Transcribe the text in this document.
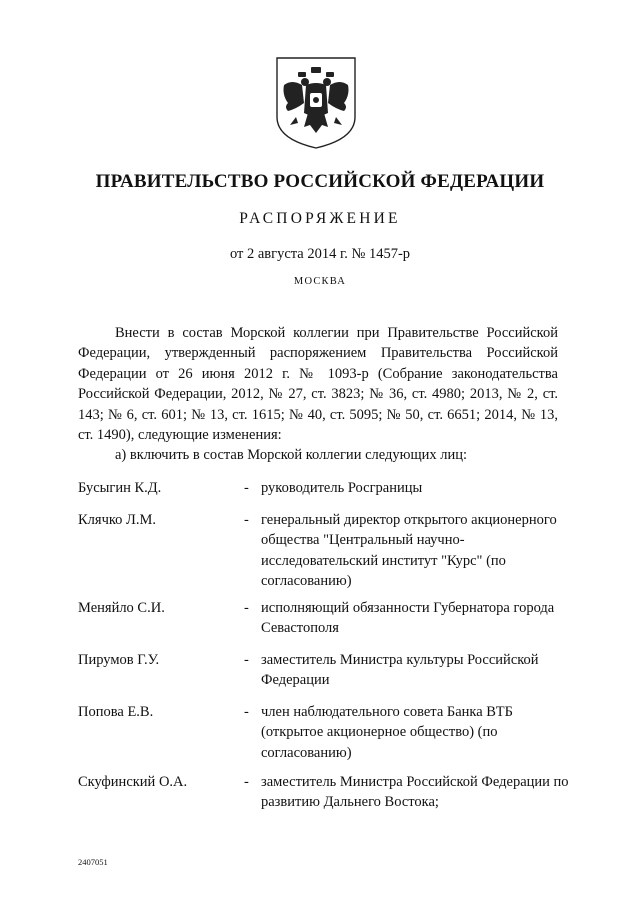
ПРАВИТЕЛЬСТВО РОССИЙСКОЙ ФЕДЕРАЦИИ
РАСПОРЯЖЕНИЕ
от 2 августа 2014 г. № 1457-р
МОСКВА

Внести в состав Морской коллегии при Правительстве Российской Федерации, утвержденный распоряжением Правительства Российской Федерации от 26 июня 2012 г. № 1093-р (Собрание законодательства Российской Федерации, 2012, № 27, ст. 3823; № 36, ст. 4980; 2013, № 2, ст. 143; № 6, ст. 601; № 13, ст. 1615; № 40, ст. 5095; № 50, ст. 6651; 2014, № 13, ст. 1490), следующие изменения:

а) включить в состав Морской коллегии следующих лиц:

Бусыгин К.Д.	- руководитель Росграницы
Клячко Л.М.	- генеральный директор открытого акционерного общества "Центральный научно-исследовательский институт "Курс" (по согласованию)
Меняйло С.И.	- исполняющий обязанности Губернатора города Севастополя
Пирумов Г.У.	- заместитель Министра культуры Российской Федерации
Попова Е.В.	- член наблюдательного совета Банка ВТБ (открытое акционерное общество) (по согласованию)
Скуфинский О.А.	- заместитель Министра Российской Федерации по развитию Дальнего Востока;
2407051
